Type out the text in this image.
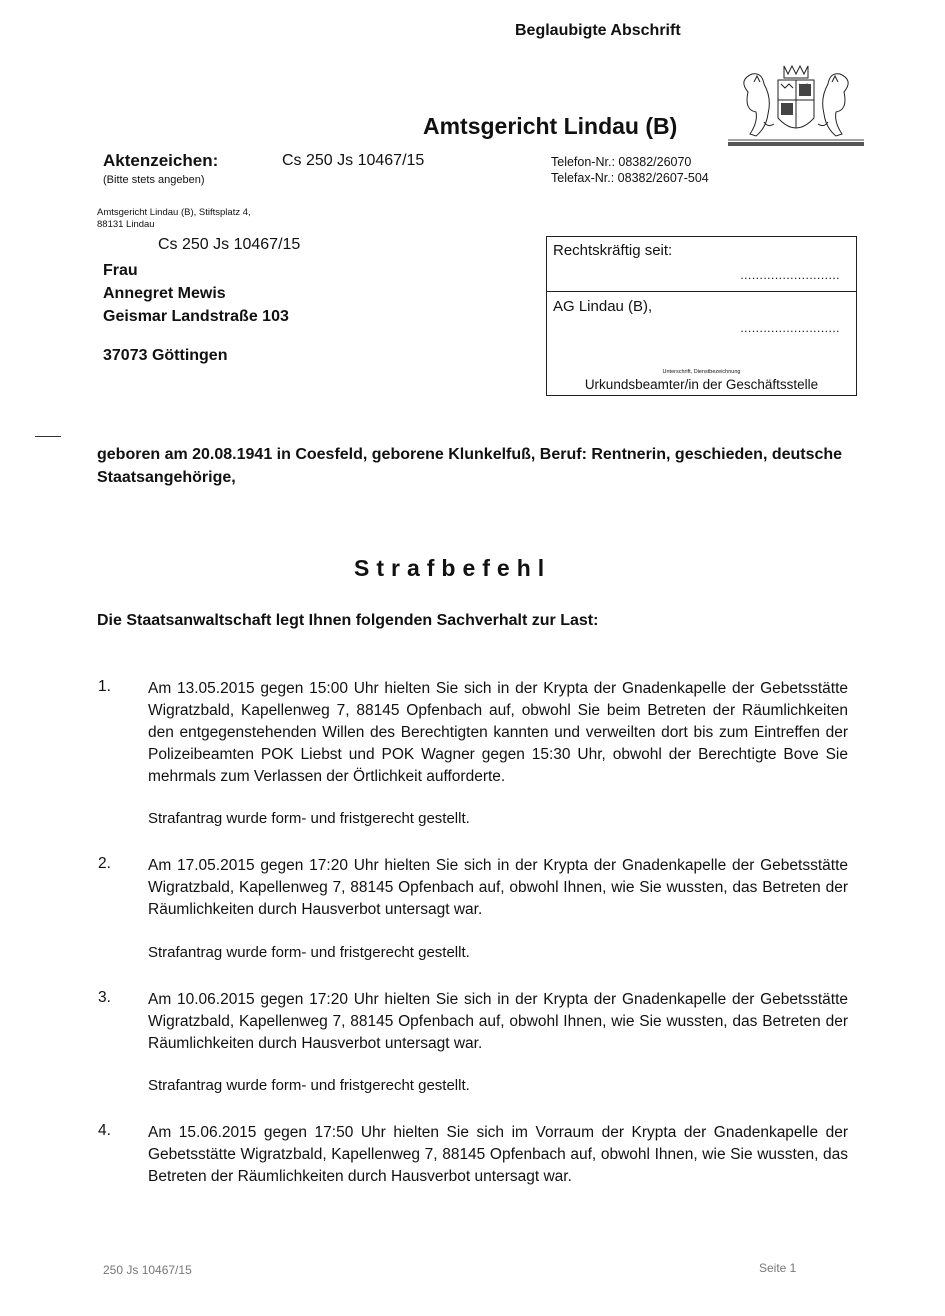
Beglaubigte Abschrift
Amtsgericht Lindau (B)
Aktenzeichen:	Cs 250 Js 10467/15
(Bitte stets angeben)
Telefon-Nr.: 08382/26070
Telefax-Nr.: 08382/2607-504
Amtsgericht Lindau (B), Stiftsplatz 4,
88131 Lindau
Cs 250 Js 10467/15
Frau
Annegret Mewis
Geismar Landstraße 103
37073 Göttingen
Rechtskräftig seit:
..........................
AG Lindau (B),
..........................
Unterschrift, Dienstbezeichnung
Urkundsbeamter/in der Geschäftsstelle
geboren am 20.08.1941 in Coesfeld, geborene Klunkelfuß, Beruf: Rentnerin, geschieden, deutsche Staatsangehörige,
Strafbefehl
Die Staatsanwaltschaft legt Ihnen folgenden Sachverhalt zur Last:
1. Am 13.05.2015 gegen 15:00 Uhr hielten Sie sich in der Krypta der Gnadenkapelle der Gebetsstätte Wigratzbald, Kapellenweg 7, 88145 Opfenbach auf, obwohl Sie beim Betreten der Räumlichkeiten den entgegenstehenden Willen des Berechtigten kannten und verweilten dort bis zum Eintreffen der Polizeibeamten POK Liebst und POK Wagner gegen 15:30 Uhr, obwohl der Berechtigte Bove Sie mehrmals zum Verlassen der Örtlichkeit aufforderte.
Strafantrag wurde form- und fristgerecht gestellt.
2. Am 17.05.2015 gegen 17:20 Uhr hielten Sie sich in der Krypta der Gnadenkapelle der Gebetsstätte Wigratzbald, Kapellenweg 7, 88145 Opfenbach auf, obwohl Ihnen, wie Sie wussten, das Betreten der Räumlichkeiten durch Hausverbot untersagt war.
Strafantrag wurde form- und fristgerecht gestellt.
3. Am 10.06.2015 gegen 17:20 Uhr hielten Sie sich in der Krypta der Gnadenkapelle der Gebetsstätte Wigratzbald, Kapellenweg 7, 88145 Opfenbach auf, obwohl Ihnen, wie Sie wussten, das Betreten der Räumlichkeiten durch Hausverbot untersagt war.
Strafantrag wurde form- und fristgerecht gestellt.
4. Am 15.06.2015 gegen 17:50 Uhr hielten Sie sich im Vorraum der Krypta der Gnadenkapelle der Gebetsstätte Wigratzbald, Kapellenweg 7, 88145 Opfenbach auf, obwohl Ihnen, wie Sie wussten, das Betreten der Räumlichkeiten durch Hausverbot untersagt war.
250 Js 10467/15	Seite 1
